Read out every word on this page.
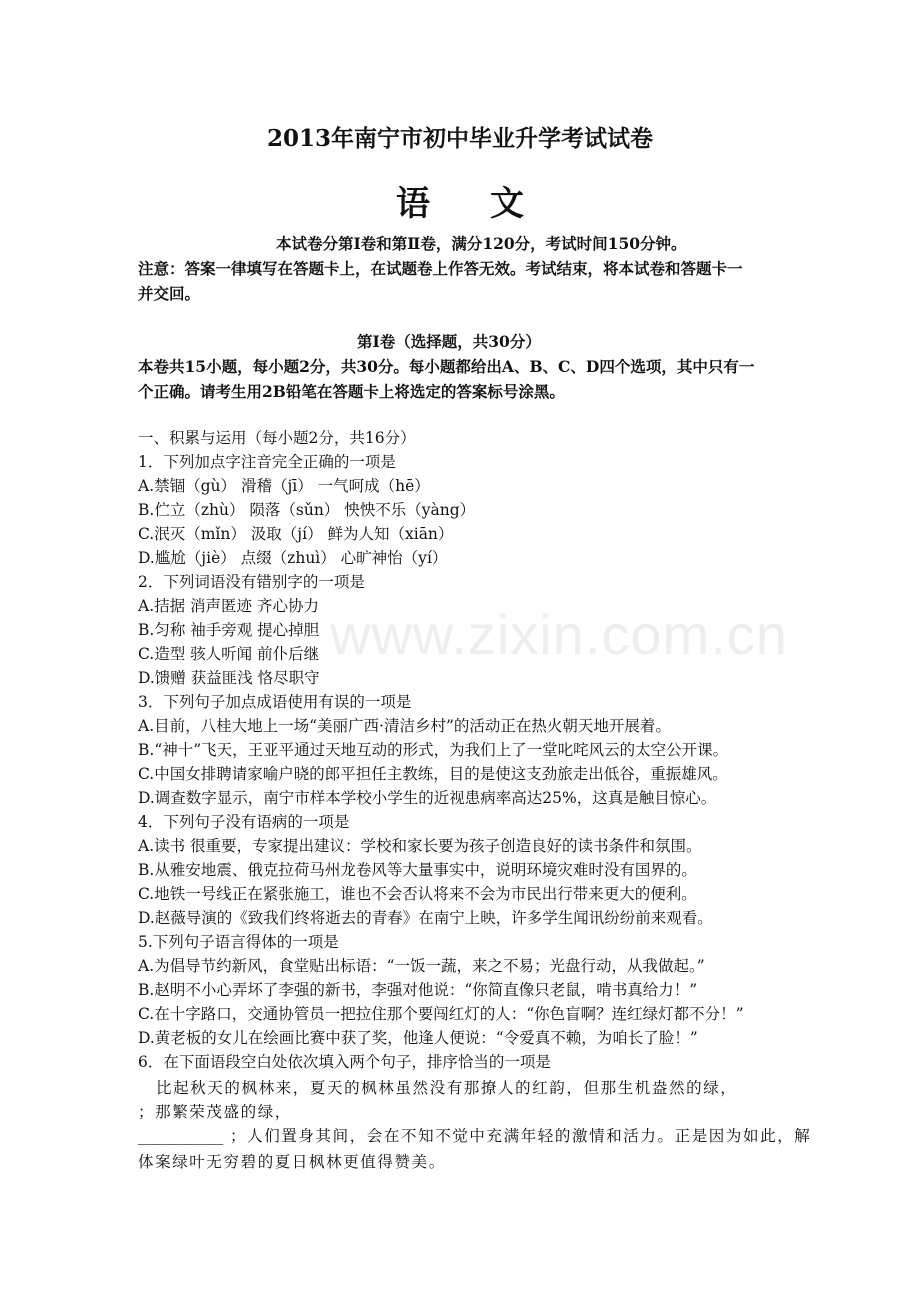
www.zixin.com.cn
2013年南宁市初中毕业升学考试试卷
语文
本试卷分第Ⅰ卷和第Ⅱ卷，满分120分，考试时间150分钟。
注意：答案一律填写在答题卡上，在试题卷上作答无效。考试结束，将本试卷和答题卡一
并交回。
第Ⅰ卷（选择题，共30分）
本卷共15小题，每小题2分，共30分。每小题都给出A、B、C、D四个选项，其中只有一
个正确。请考生用2B铅笔在答题卡上将选定的答案标号涂黑。
一、积累与运用（每小题2分，共16分）
1．下列加点字注音完全正确的一项是
A.禁锢（gù） 滑稽（jī） 一气呵成（hē）
B.伫立（zhù） 陨落（sǔn） 怏怏不乐（yàng）
C.泯灭（mǐn） 汲取（jí） 鲜为人知（xiān）
D.尴尬（jiè） 点缀（zhuì） 心旷神怡（yí）
2．下列词语没有错别字的一项是
A.拮据 消声匿迹 齐心协力
B.匀称 袖手旁观 提心掉胆
C.造型 骇人听闻 前仆后继
D.馈赠 获益匪浅 恪尽职守
3．下列句子加点成语使用有误的一项是
A.目前，八桂大地上一场“美丽广西·清洁乡村”的活动正在热火朝天地开展着。
B.“神十”飞天，王亚平通过天地互动的形式，为我们上了一堂叱咤风云的太空公开课。
C.中国女排聘请家喻户晓的郎平担任主教练，目的是使这支劲旅走出低谷，重振雄风。
D.调查数字显示，南宁市样本学校小学生的近视患病率高达25%，这真是触目惊心。
4．下列句子没有语病的一项是
A.读书 很重要，专家提出建议：学校和家长要为孩子创造良好的读书条件和氛围。
B.从雅安地震、俄克拉荷马州龙卷风等大量事实中，说明环境灾难时没有国界的。
C.地铁一号线正在紧张施工，谁也不会否认将来不会为市民出行带来更大的便利。
D.赵薇导演的《致我们终将逝去的青春》在南宁上映，许多学生闻讯纷纷前来观看。
5.下列句子语言得体的一项是
A.为倡导节约新风，食堂贴出标语：“一饭一蔬，来之不易；光盘行动，从我做起。”
B.赵明不小心弄坏了李强的新书，李强对他说：“你简直像只老鼠，啃书真给力！”
C.在十字路口，交通协管员一把拉住那个要闯红灯的人：“你色盲啊？连红绿灯都不分！”
D.黄老板的女儿在绘画比赛中获了奖，他逢人便说：“令爱真不赖，为咱长了脸！”
6．在下面语段空白处依次填入两个句子，排序恰当的一项是
比起秋天的枫林来，夏天的枫林虽然没有那撩人的红韵，但那生机盎然的绿，
；那繁荣茂盛的绿，
___________ ；人们置身其间，会在不知不觉中充满年轻的激情和活力。正是因为如此，解
体案绿叶无穷碧的夏日枫林更值得赞美。
